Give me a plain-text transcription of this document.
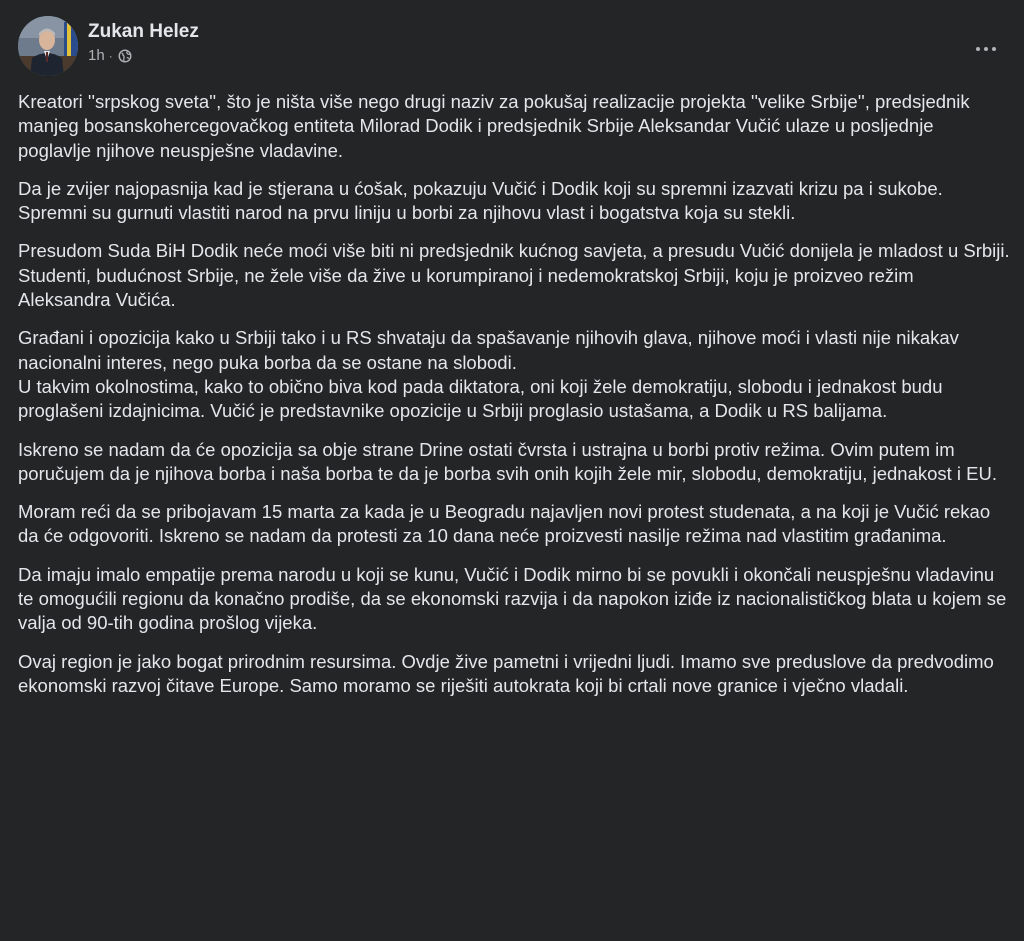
Zukan Helez
1h ·

Kreatori ''srpskog sveta'', što je ništa više nego drugi naziv za pokušaj realizacije projekta ''velike Srbije'', predsjednik manjeg bosanskohercegovačkog entiteta Milorad Dodik i predsjednik Srbije Aleksandar Vučić ulaze u posljednje poglavlje njihove neuspješne vladavine.

Da je zvijer najopasnija kad je stjerana u ćošak, pokazuju Vučić i Dodik koji su spremni izazvati krizu pa i sukobe. Spremni su gurnuti vlastiti narod na prvu liniju u borbi za njihovu vlast i bogatstva koja su stekli.

Presudom Suda BiH Dodik neće moći više biti ni predsjednik kućnog savjeta, a presudu Vučić donijela je mladost u Srbiji. Studenti, budućnost Srbije, ne žele više da žive u korumpiranoj i nedemokratskoj Srbiji, koju je proizveo režim Aleksandra Vučića.

Građani i opozicija kako u Srbiji tako i u RS shvataju da spašavanje njihovih glava, njihove moći i vlasti nije nikakav nacionalni interes, nego puka borba da se ostane na slobodi.
U takvim okolnostima, kako to obično biva kod pada diktatora, oni koji žele demokratiju, slobodu i jednakost budu proglašeni izdajnicima. Vučić je predstavnike opozicije u Srbiji proglasio ustašama, a Dodik u RS balijama.

Iskreno se nadam da će opozicija sa obje strane Drine ostati čvrsta i ustrajna u borbi protiv režima. Ovim putem im poručujem da je njihova borba i naša borba te da je borba svih onih kojih žele mir, slobodu, demokratiju, jednakost i EU.

Moram reći da se pribojavam 15 marta za kada je u Beogradu najavljen novi protest studenata, a na koji je Vučić rekao da će odgovoriti. Iskreno se nadam da protesti za 10 dana neće proizvesti nasilje režima nad vlastitim građanima.

Da imaju imalo empatije prema narodu u koji se kunu, Vučić i Dodik mirno bi se povukli i okončali neuspješnu vladavinu te omogućili regionu da konačno prodiše, da se ekonomski razvija i da napokon iziđe iz nacionalističkog blata u kojem se valja od 90-tih godina prošlog vijeka.

Ovaj region je jako bogat prirodnim resursima. Ovdje žive pametni i vrijedni ljudi. Imamo sve preduslove da predvodimo ekonomski razvoj čitave Europe. Samo moramo se riješiti autokrata koji bi crtali nove granice i vječno vladali.
